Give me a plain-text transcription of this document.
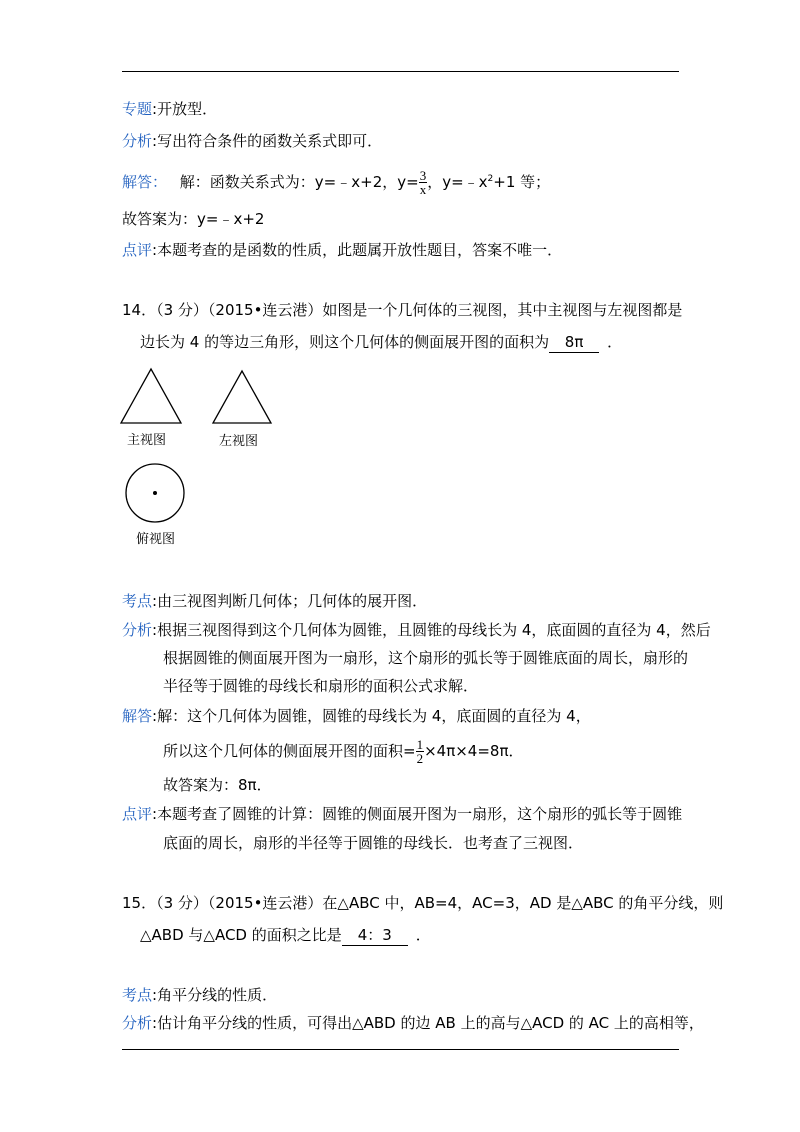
专题:开放型．
分析:写出符合条件的函数关系式即可．
解答： 解：函数关系式为：y=﹣x+2，$y= \frac{3}{x}$ ，$y=﹣x^2+1$ 等；
故答案为：y=﹣x+2
点评:本题考查的是函数的性质，此题属开放性题目，答案不唯一．
14．（3 分）（2015•连云港）如图是一个几何体的三视图，其中主视图与左视图都是
边长为 4 的等边三角形，则这个几何体的侧面展开图的面积为 8π ．
主视图	左视图
俯视图
考点:由三视图判断几何体；几何体的展开图．
分析:根据三视图得到这个几何体为圆锥，且圆锥的母线长为 4，底面圆的直径为 4，然后
根据圆锥的侧面展开图为一扇形，这个扇形的弧长等于圆锥底面的周长，扇形的
半径等于圆锥的母线长和扇形的面积公式求解．
解答:解：这个几何体为圆锥，圆锥的母线长为 4，底面圆的直径为 4，
所以这个几何体的侧面展开图的面积= $\frac{1}{2} \times 4\pi\times 4=8\pi$．
故答案为：8π．
点评:本题考查了圆锥的计算：圆锥的侧面展开图为一扇形，这个扇形的弧长等于圆锥
底面的周长，扇形的半径等于圆锥的母线长．也考查了三视图．
15．（3 分）（2015•连云港）在△ABC 中，AB=4，AC=3，AD 是△ABC 的角平分线，则
△ABD 与△ACD 的面积之比是 4：3 ．
考点:角平分线的性质．
分析:估计角平分线的性质，可得出△ABD 的边 AB 上的高与△ACD 的 AC 上的高相等，
